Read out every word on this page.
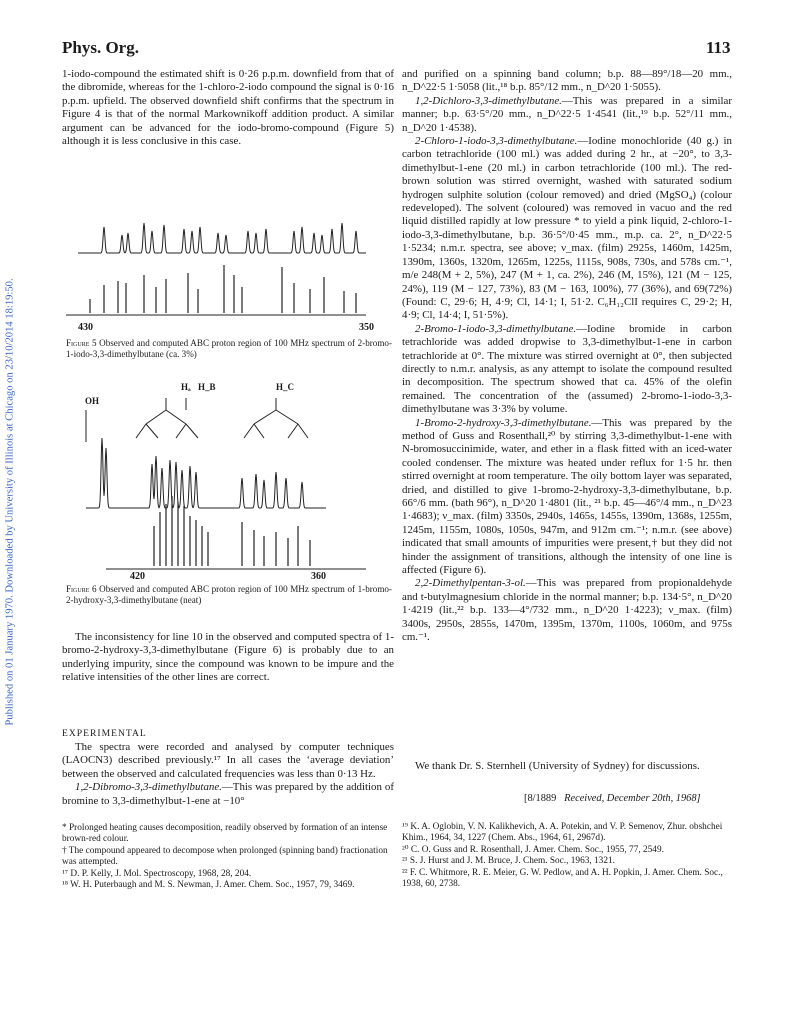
Phys. Org.	113
Published on 01 January 1970. Downloaded by University of Illinois at Chicago on 23/10/2014 18:19:50.

1-iodo-compound the estimated shift is 0·26 p.p.m. downfield from that of the dibromide, whereas for the 1-chloro-2-iodo compound the signal is 0·16 p.p.m. upfield. The observed downfield shift confirms that the spectrum in Figure 4 is that of the normal Markownikoff addition product. A similar argument can be advanced for the iodo-bromo-compound (Figure 5) although it is less conclusive in this case.

430	350
Figure 5 Observed and computed ABC proton region of 100 MHz spectrum of 2-bromo-1-iodo-3,3-dimethylbutane (ca. 3%)
OH
Hₐ H_B	H_C
420	360
Figure 6 Observed and computed ABC proton region of 100 MHz spectrum of 1-bromo-2-hydroxy-3,3-dimethylbutane (neat)

The inconsistency for line 10 in the observed and computed spectra of 1-bromo-2-hydroxy-3,3-dimethylbutane (Figure 6) is probably due to an underlying impurity, since the compound was known to be impure and the relative intensities of the other lines are correct.

EXPERIMENTAL

The spectra were recorded and analysed by computer techniques (LAOCN3) described previously.¹⁷ In all cases the ‘average deviation’ between the observed and calculated frequencies was less than 0·13 Hz.

1,2-Dibromo-3,3-dimethylbutane.—This was prepared by the addition of bromine to 3,3-dimethylbut-1-ene at −10°

* Prolonged heating causes decomposition, readily observed by formation of an intense brown-red colour.

† The compound appeared to decompose when prolonged (spinning band) fractionation was attempted.

¹⁷ D. P. Kelly, J. Mol. Spectroscopy, 1968, 28, 204.

¹⁸ W. H. Puterbaugh and M. S. Newman, J. Amer. Chem. Soc., 1957, 79, 3469.

and purified on a spinning band column; b.p. 88—89°/18—20 mm., n_D^22·5 1·5058 (lit.,¹⁸ b.p. 85°/12 mm., n_D^20 1·5055).

1,2-Dichloro-3,3-dimethylbutane.—This was prepared in a similar manner; b.p. 63·5°/20 mm., n_D^22·5 1·4541 (lit.,¹⁹ b.p. 52°/11 mm., n_D^20 1·4538).

2-Chloro-1-iodo-3,3-dimethylbutane.—Iodine monochloride (40 g.) in carbon tetrachloride (100 ml.) was added during 2 hr., at −20°, to 3,3-dimethylbut-1-ene (20 ml.) in carbon tetrachloride (100 ml.). The red-brown solution was stirred overnight, washed with saturated sodium hydrogen sulphite solution (colour removed) and dried (MgSO₄) (colour redeveloped). The solvent (coloured) was removed in vacuo and the red liquid distilled rapidly at low pressure * to yield a pink liquid, 2-chloro-1-iodo-3,3-dimethylbutane, b.p. 36·5°/0·45 mm., m.p. ca. 2°, n_D^22·5 1·5234; n.m.r. spectra, see above; ν_max. (film) 2925s, 1460m, 1425m, 1390m, 1360s, 1320m, 1265m, 1225s, 1115s, 908s, 730s, and 578s cm.⁻¹, m/e 248(M + 2, 5%), 247 (M + 1, ca. 2%), 246 (M, 15%), 121 (M − 125, 24%), 119 (M − 127, 73%), 83 (M − 163, 100%), 77 (36%), and 69(72%) (Found: C, 29·6; H, 4·9; Cl, 14·1; I, 51·2. C₆H₁₂ClI requires C, 29·2; H, 4·9; Cl, 14·4; I, 51·5%).

2-Bromo-1-iodo-3,3-dimethylbutane.—Iodine bromide in carbon tetrachloride was added dropwise to 3,3-dimethylbut-1-ene in carbon tetrachloride at 0°. The mixture was stirred overnight at 0°, then subjected directly to n.m.r. analysis, as any attempt to isolate the compound resulted in decomposition. The spectrum showed that ca. 45% of the olefin remained. The concentration of the (assumed) 2-bromo-1-iodo-3,3-dimethylbutane was 3·3% by volume.

1-Bromo-2-hydroxy-3,3-dimethylbutane.—This was prepared by the method of Guss and Rosenthall,²⁰ by stirring 3,3-dimethylbut-1-ene with N-bromosuccinimide, water, and ether in a flask fitted with an iced-water cooled condenser. The mixture was heated under reflux for 1·5 hr. then stirred overnight at room temperature. The oily bottom layer was separated, dried, and distilled to give 1-bromo-2-hydroxy-3,3-dimethylbutane, b.p. 66°/6 mm. (bath 96°), n_D^20 1·4801 (lit., ²¹ b.p. 45—46°/4 mm., n_D^23 1·4683); ν_max. (film) 3350s, 2940s, 1465s, 1455s, 1390m, 1368s, 1255m, 1245m, 1155m, 1080s, 1050s, 947m, and 912m cm.⁻¹; n.m.r. (see above) indicated that small amounts of impurities were present,† but they did not hinder the assignment of transitions, although the intensity of one line is affected (Figure 6).

2,2-Dimethylpentan-3-ol.—This was prepared from propionaldehyde and t-butylmagnesium chloride in the normal manner; b.p. 134·5°, n_D^20 1·4219 (lit.,²² b.p. 133—4°/732 mm., n_D^20 1·4223); ν_max. (film) 3400s, 2950s, 2855s, 1470m, 1395m, 1370m, 1100s, 1060m, and 975s cm.⁻¹.

We thank Dr. S. Sternhell (University of Sydney) for discussions.

[8/1889 Received, December 20th, 1968]

¹⁹ K. A. Oglobin, V. N. Kalikhevich, A. A. Potekin, and V. P. Semenov, Zhur. obshchei Khim., 1964, 34, 1227 (Chem. Abs., 1964, 61, 2967d).

²⁰ C. O. Guss and R. Rosenthall, J. Amer. Chem. Soc., 1955, 77, 2549.

²¹ S. J. Hurst and J. M. Bruce, J. Chem. Soc., 1963, 1321.

²² F. C. Whitmore, R. E. Meier, G. W. Pedlow, and A. H. Popkin, J. Amer. Chem. Soc., 1938, 60, 2738.
